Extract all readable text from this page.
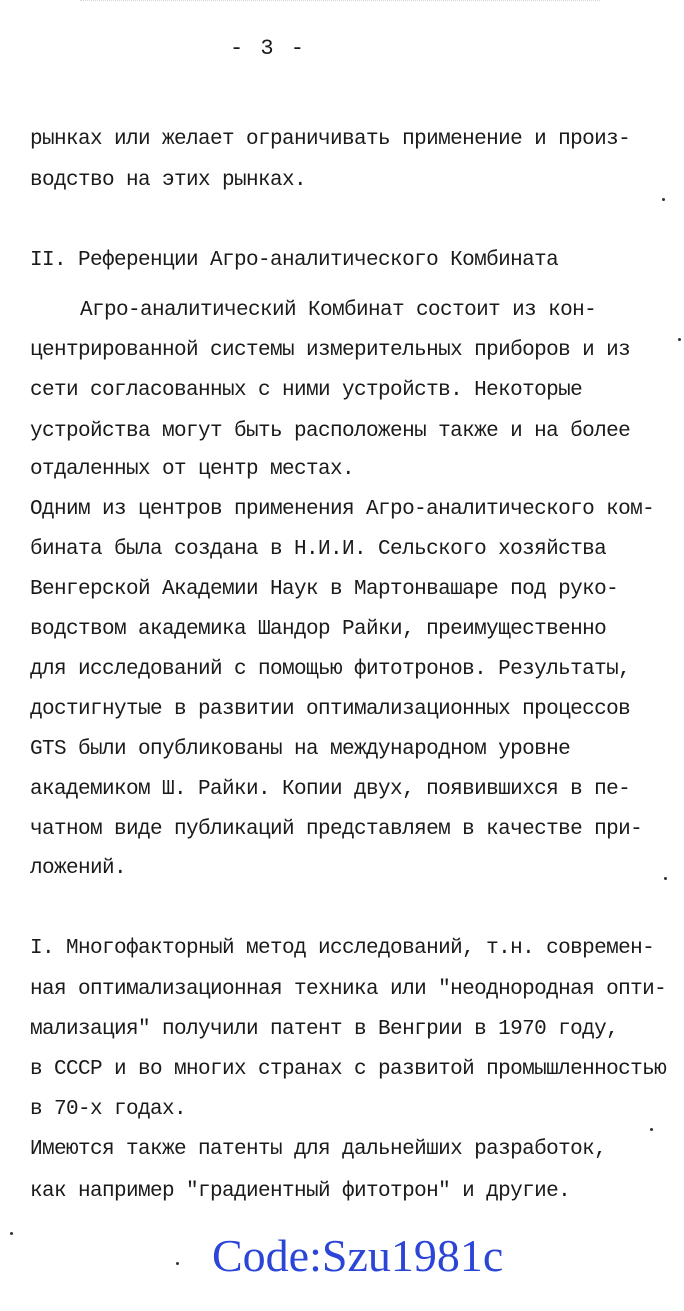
- 3 -
рынках или желает ограничивать применение и произ-
водство на этих рынках.
II. Референции Агро-аналитического Комбината
Агро-аналитический Комбинат состоит из кон-
центрированной системы измерительных приборов и из
сети согласованных с ними устройств. Некоторые
устройства могут быть расположены также и на более
отдаленных от центр местах.
Одним из центров применения Агро-аналитического ком-
бината была создана в Н.И.И. Сельского хозяйства
Венгерской Академии Наук в Мартонвашаре под руко-
водством академика Шандор Райки, преимущественно
для исследований с помощью фитотронов. Результаты,
достигнутые в развитии оптимализационных процессов
GTS были опубликованы на международном уровне
академиком Ш. Райки. Копии двух, появившихся в пе-
чатном виде публикаций представляем в качестве при-
ложений.
I. Многофакторный метод исследований, т.н. современ-
ная оптимализационная техника или "неоднородная опти-
мализация" получили патент в Венгрии в 1970 году,
в СССР и во многих странах с развитой промышленностью
в 70-х годах.
Имеются также патенты для дальнейших разработок,
как например "градиентный фитотрон" и другие.
Code:Szu1981c
